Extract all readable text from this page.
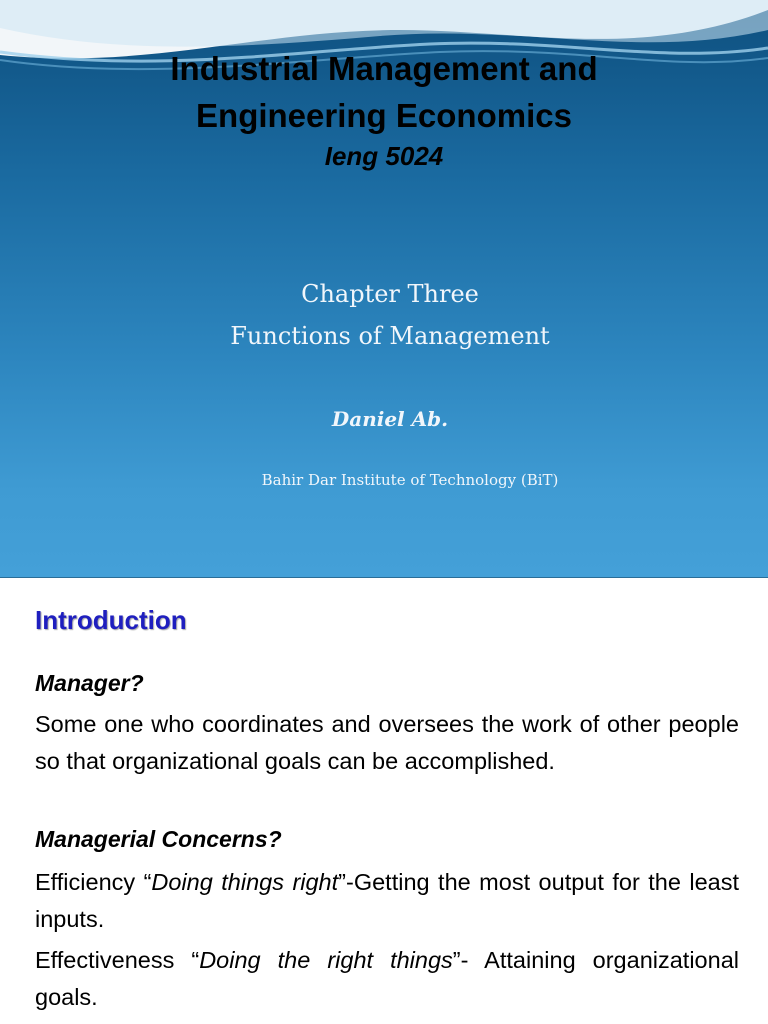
Industrial Management and
Engineering Economics
Ieng 5024
Chapter Three
Functions of Management
Daniel Ab.
Bahir Dar Institute of Technology (BiT)
Introduction
Manager?
Some one who coordinates and oversees the work of other people so that organizational goals can be accomplished.
Managerial Concerns?
Efficiency “Doing things right”-Getting the most output for the least inputs.
Effectiveness “Doing the right things”- Attaining organizational goals.
